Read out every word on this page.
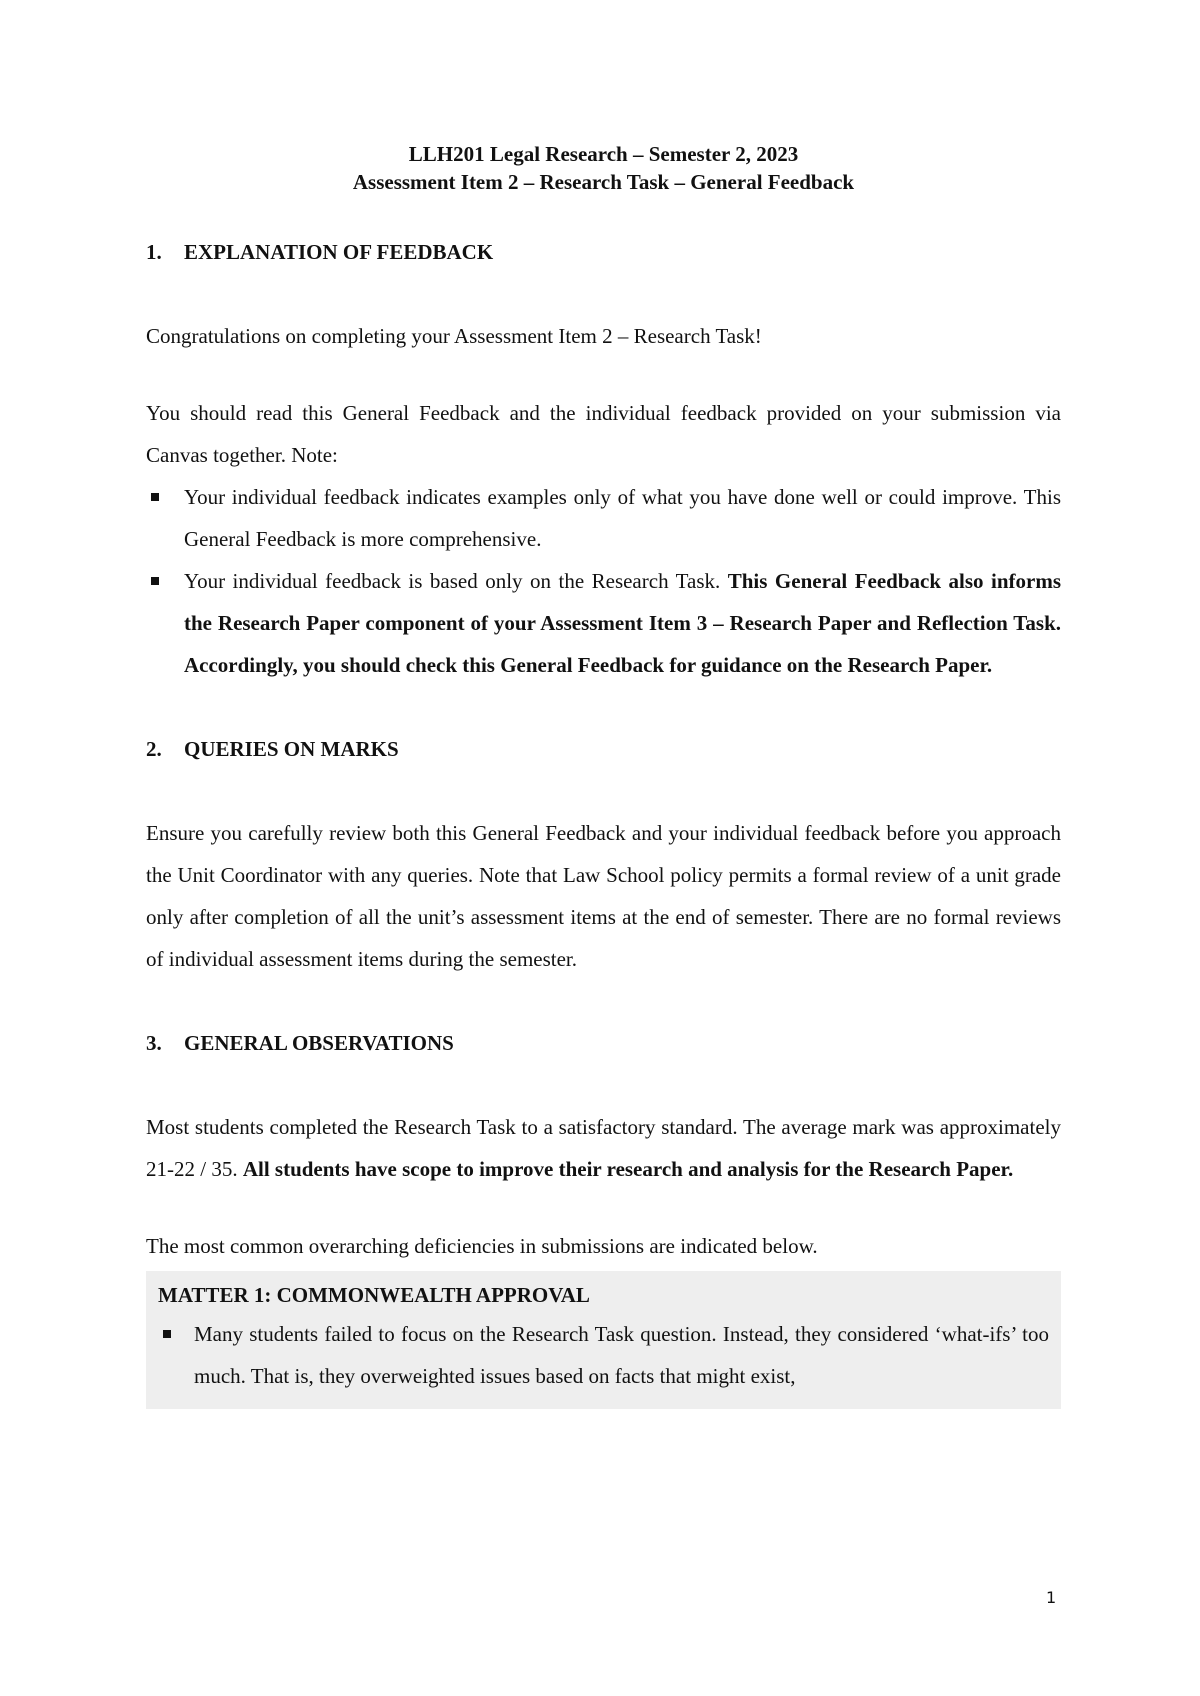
LLH201 Legal Research – Semester 2, 2023
Assessment Item 2 – Research Task – General Feedback
1.	EXPLANATION OF FEEDBACK

Congratulations on completing your Assessment Item 2 – Research Task!

You should read this General Feedback and the individual feedback provided on your submission via Canvas together. Note:

Your individual feedback indicates examples only of what you have done well or could improve. This General Feedback is more comprehensive.
Your individual feedback is based only on the Research Task. This General Feedback also informs the Research Paper component of your Assessment Item 3 – Research Paper and Reflection Task. Accordingly, you should check this General Feedback for guidance on the Research Paper.
2.	QUERIES ON MARKS

Ensure you carefully review both this General Feedback and your individual feedback before you approach the Unit Coordinator with any queries. Note that Law School policy permits a formal review of a unit grade only after completion of all the unit’s assessment items at the end of semester. There are no formal reviews of individual assessment items during the semester.

3.	GENERAL OBSERVATIONS

Most students completed the Research Task to a satisfactory standard. The average mark was approximately 21-22 / 35. All students have scope to improve their research and analysis for the Research Paper.

The most common overarching deficiencies in submissions are indicated below.

MATTER 1: COMMONWEALTH APPROVAL
Many students failed to focus on the Research Task question. Instead, they considered ‘what-ifs’ too much. That is, they overweighted issues based on facts that might exist,
1
